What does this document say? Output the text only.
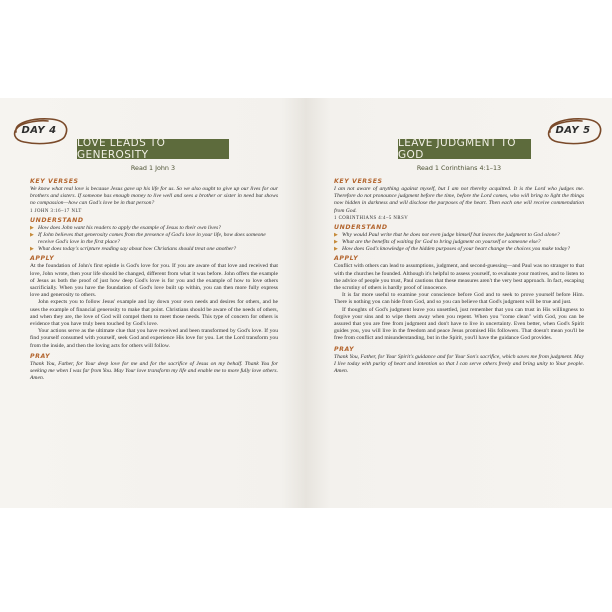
DAY 4
LOVE LEADS TO GENEROSITY
Read 1 John 3

KEY VERSES

We know what real love is because Jesus gave up his life for us. So we also ought to give up our lives for our brothers and sisters. If someone has enough money to live well and sees a brother or sister in need but shows no compassion—how can God's love be in that person?

1 JOHN 3:16–17 NLT

UNDERSTAND

▶ How does John want his readers to apply the example of Jesus to their own lives?
▶ If John believes that generosity comes from the presence of God's love in your life, how does someone receive God's love in the first place?
▶ What does today's scripture reading say about how Christians should treat one another?

APPLY

At the foundation of John's first epistle is God's love for you. If you are aware of that love and received that love, John wrote, then your life should be changed, different from what it was before. John offers the example of Jesus as both the proof of just how deep God's love is for you and the example of how to love others sacrificially. When you have the foundation of God's love built up within, you can then more fully express love and generosity to others.

John expects you to follow Jesus' example and lay down your own needs and desires for others, and he uses the example of financial generosity to make that point. Christians should be aware of the needs of others, and when they are, the love of God will compel them to meet those needs. This type of concern for others is evidence that you have truly been touched by God's love.

Your actions serve as the ultimate clue that you have received and been transformed by God's love. If you find yourself consumed with yourself, seek God and experience His love for you. Let the Lord transform you from the inside, and then the loving acts for others will follow.

PRAY

Thank You, Father, for Your deep love for me and for the sacrifice of Jesus on my behalf. Thank You for seeking me when I was far from You. May Your love transform my life and enable me to more fully love others. Amen.

DAY 5
LEAVE JUDGMENT TO GOD
Read 1 Corinthians 4:1–13

KEY VERSES

I am not aware of anything against myself, but I am not thereby acquitted. It is the Lord who judges me. Therefore do not pronounce judgment before the time, before the Lord comes, who will bring to light the things now hidden in darkness and will disclose the purposes of the heart. Then each one will receive commendation from God.

1 CORINTHIANS 4:4–5 NRSV

UNDERSTAND

▶ Why would Paul write that he does not even judge himself but leaves the judgment to God alone?
▶ What are the benefits of waiting for God to bring judgment on yourself or someone else?
▶ How does God's knowledge of the hidden purposes of your heart change the choices you make today?

APPLY

Conflict with others can lead to assumptions, judgment, and second-guessing—and Paul was no stranger to that with the churches he founded. Although it's helpful to assess yourself, to evaluate your motives, and to listen to the advice of people you trust, Paul cautions that these measures aren't the very best approach. In fact, escaping the scrutiny of others is hardly proof of innocence.

It is far more useful to examine your conscience before God and to seek to prove yourself before Him. There is nothing you can hide from God, and so you can believe that God's judgment will be true and just.

If thoughts of God's judgment leave you unsettled, just remember that you can trust in His willingness to forgive your sins and to wipe them away when you repent. When you "come clean" with God, you can be assured that you are free from judgment and don't have to live in uncertainty. Even better, when God's Spirit guides you, you will live in the freedom and peace Jesus promised His followers. That doesn't mean you'll be free from conflict and misunderstanding, but in the Spirit, you'll have the guidance God provides.

PRAY

Thank You, Father, for Your Spirit's guidance and for Your Son's sacrifice, which saves me from judgment. May I live today with purity of heart and intention so that I can serve others freely and bring unity to Your people. Amen.
